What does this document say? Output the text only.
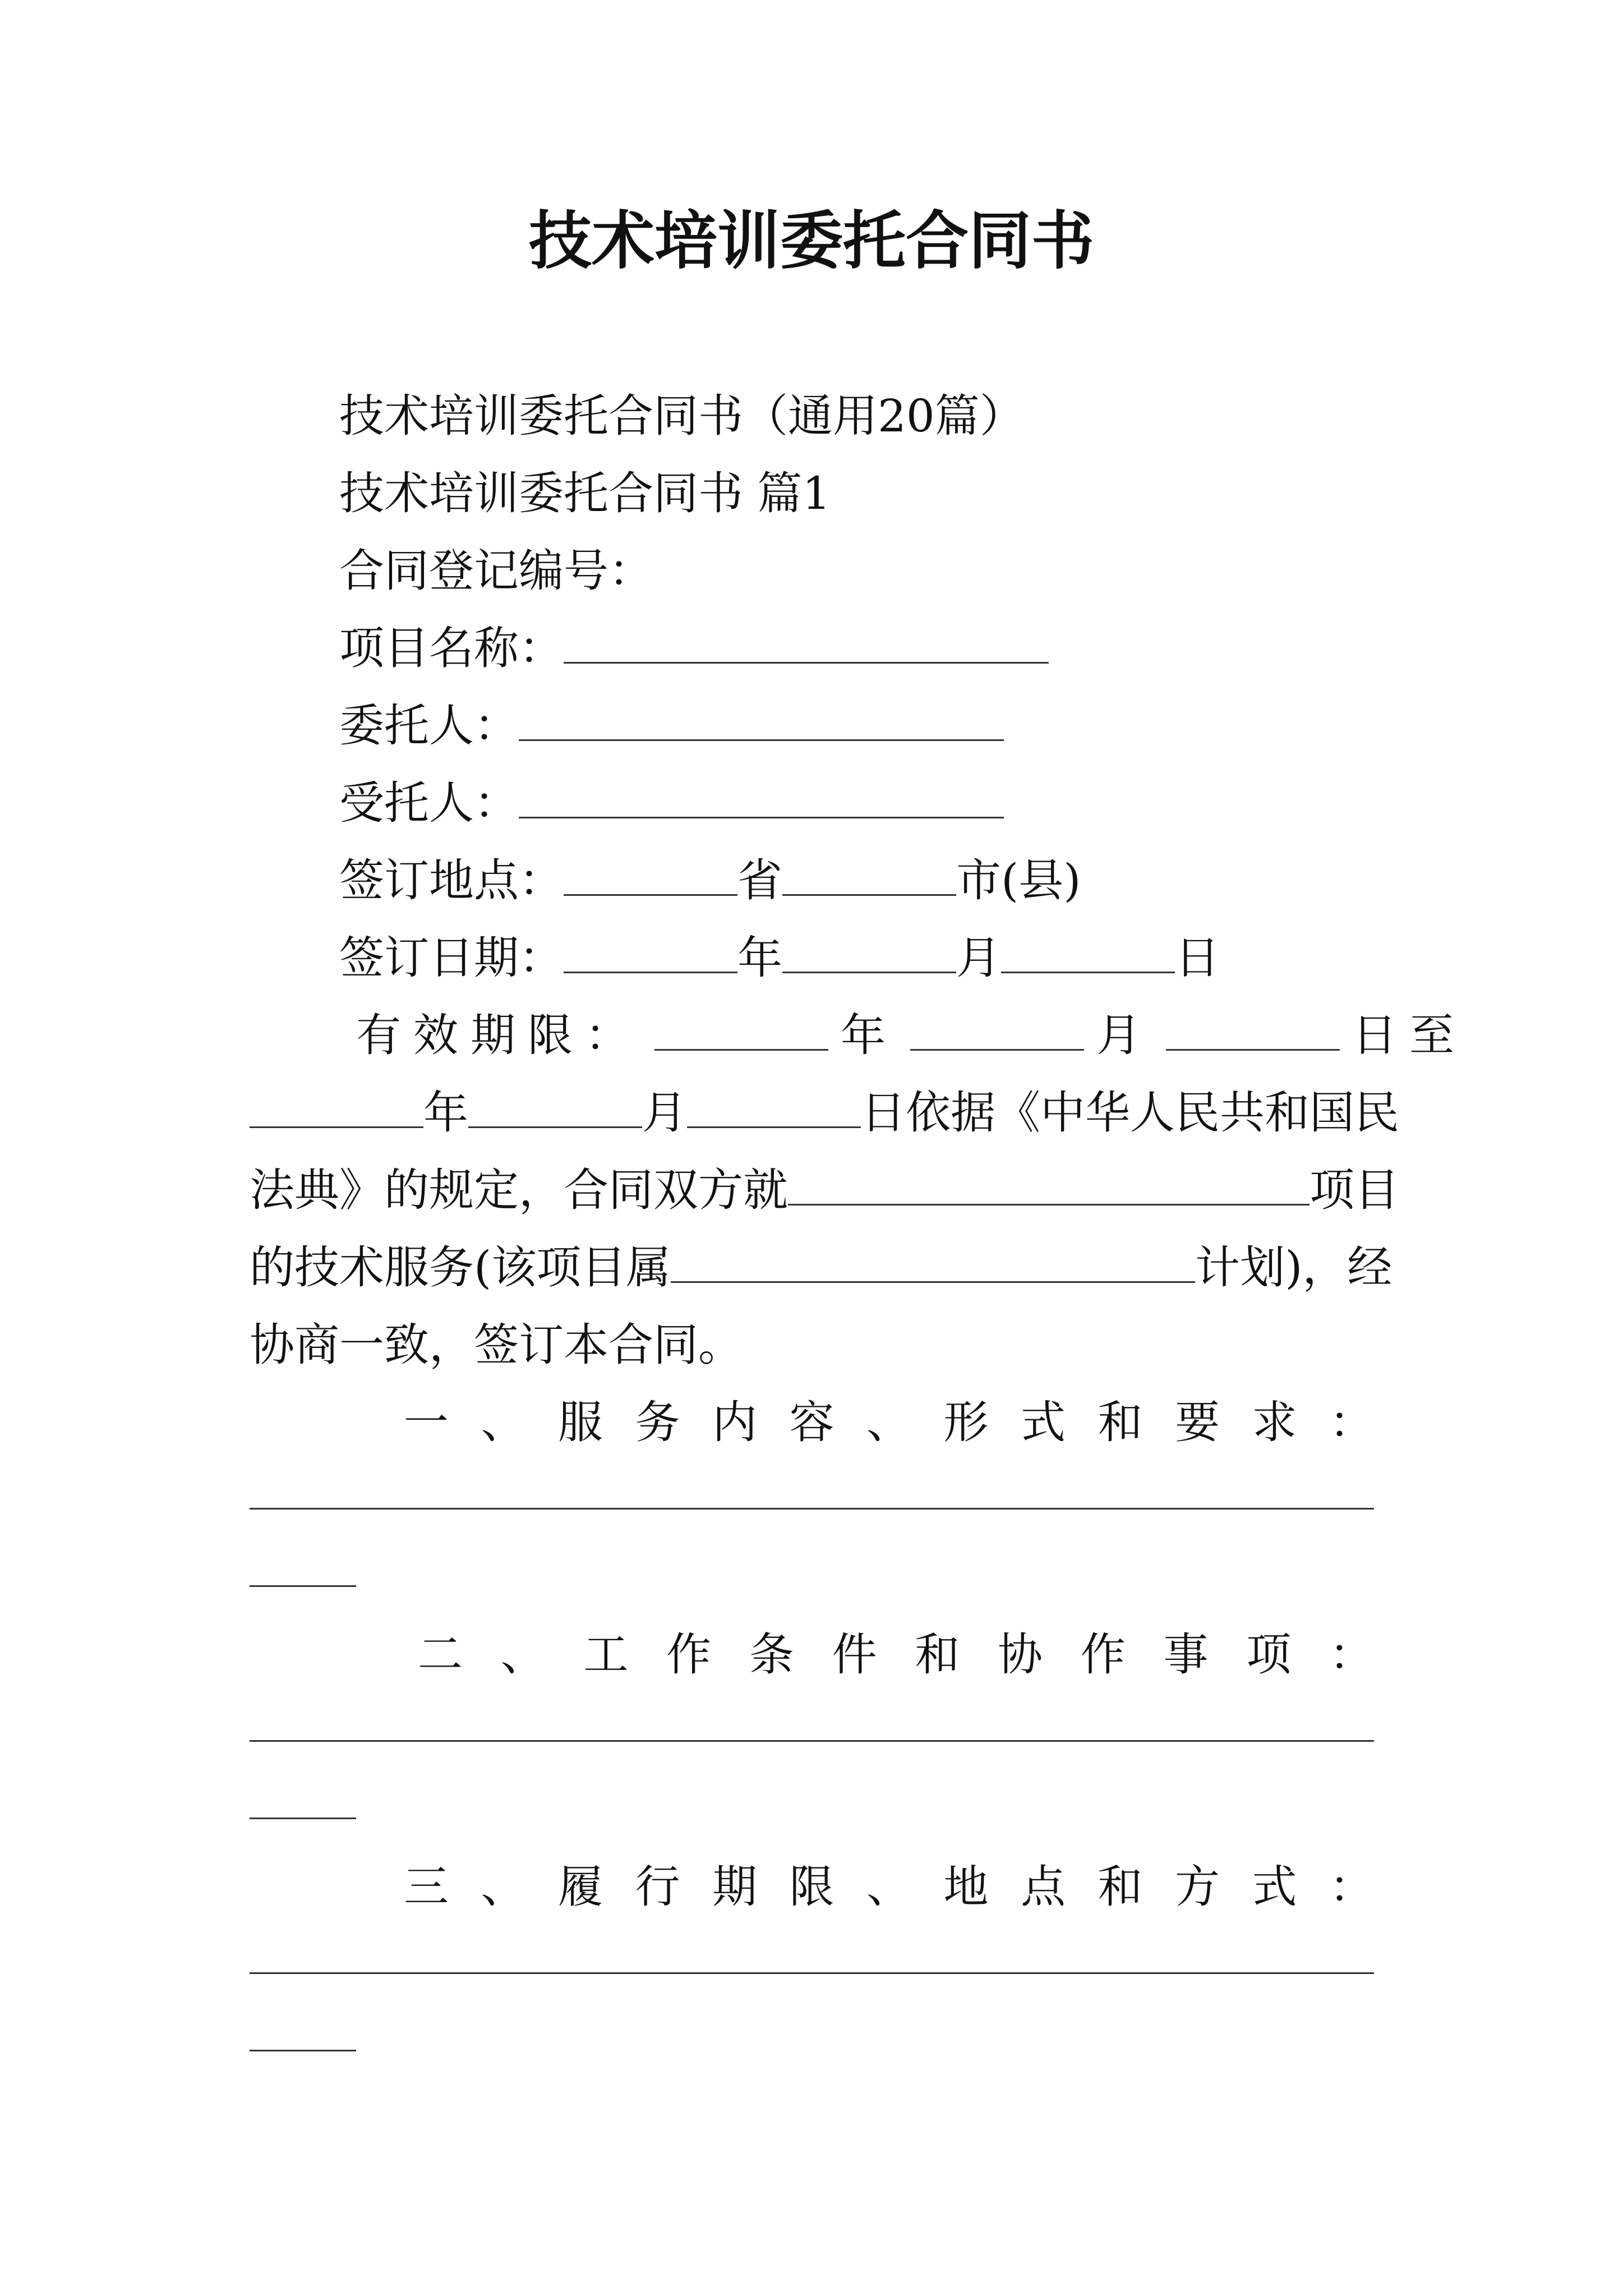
技术培训委托合同书
技术培训委托合同书（通用20篇）
技术培训委托合同书 篇1
合同登记编号：
项目名称：
委托人：
受托人：
签订地点：	省	市(县)
签订日期：	年	月	日
有效期限：	年	月	日至
年	月	日依据《中华人民共和国民
法典》的规定，合同双方就	项目
的技术服务(该项目属	计划)，经
协商一致，签订本合同。
一 、 服 务 内 容 、 形 式 和 要 求 ：
二 、 工 作 条 件 和 协 作 事 项 ：
三 、 履 行 期 限 、 地 点 和 方 式 ：
